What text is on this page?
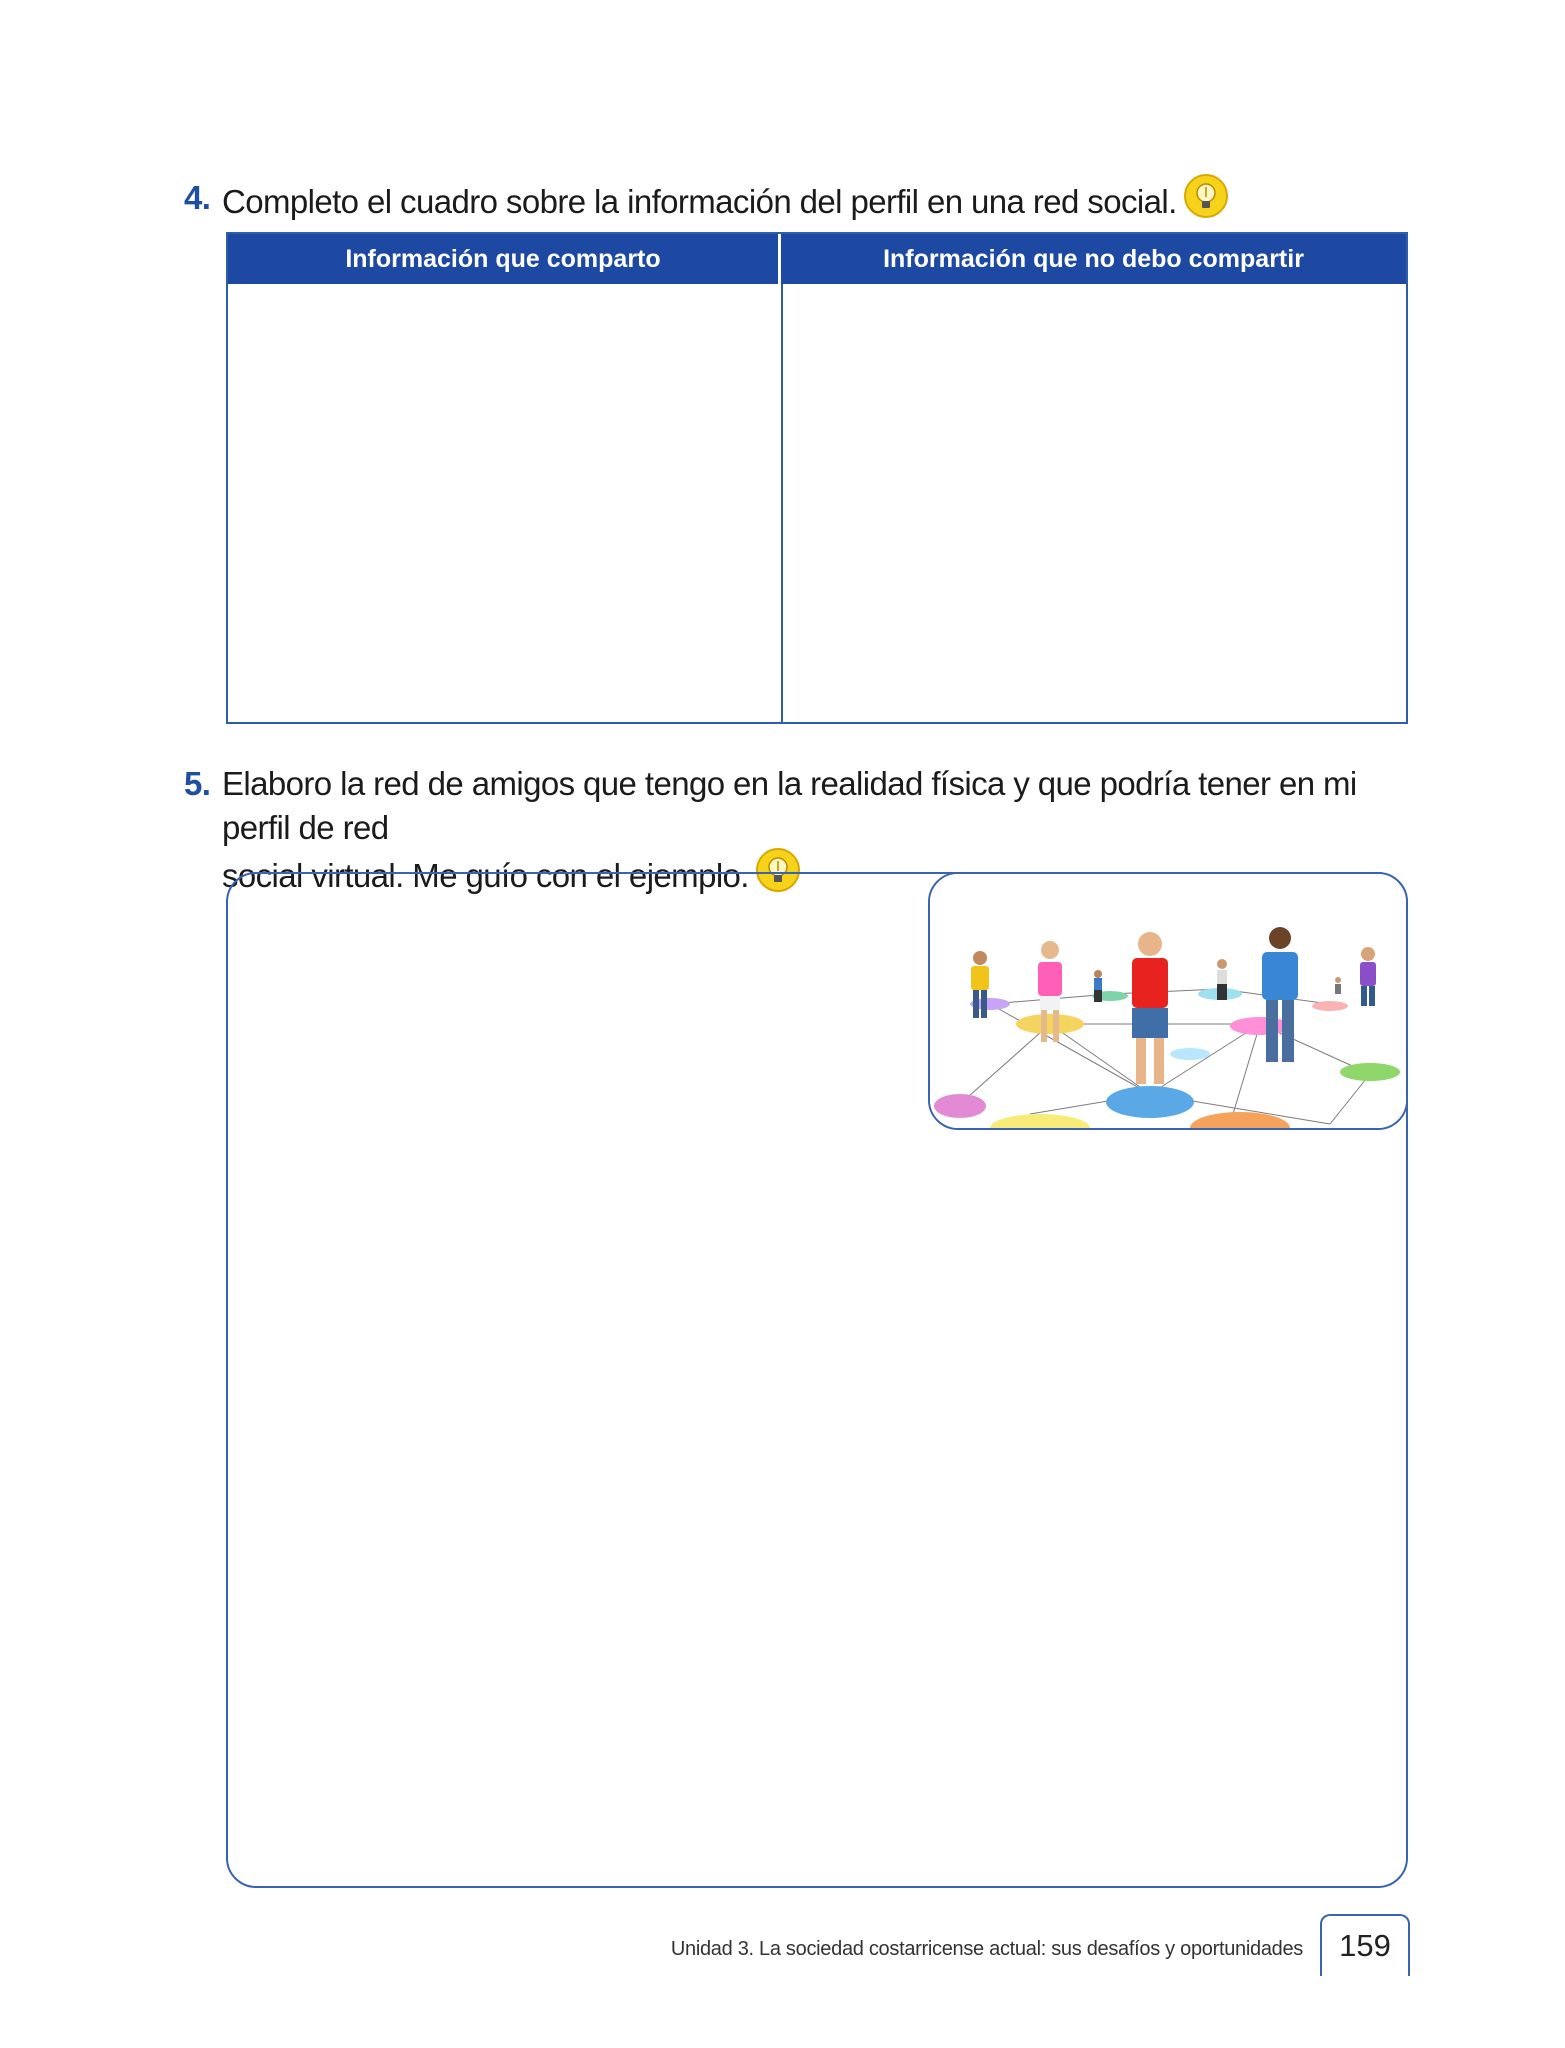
4. Completo el cuadro sobre la información del perfil en una red social.
Información que comparto	Información que no debo compartir
5. Elaboro la red de amigos que tengo en la realidad física y que podría tener en mi perfil de red
social virtual. Me guío con el ejemplo.
Unidad 3. La sociedad costarricense actual: sus desafíos y oportunidades	159
